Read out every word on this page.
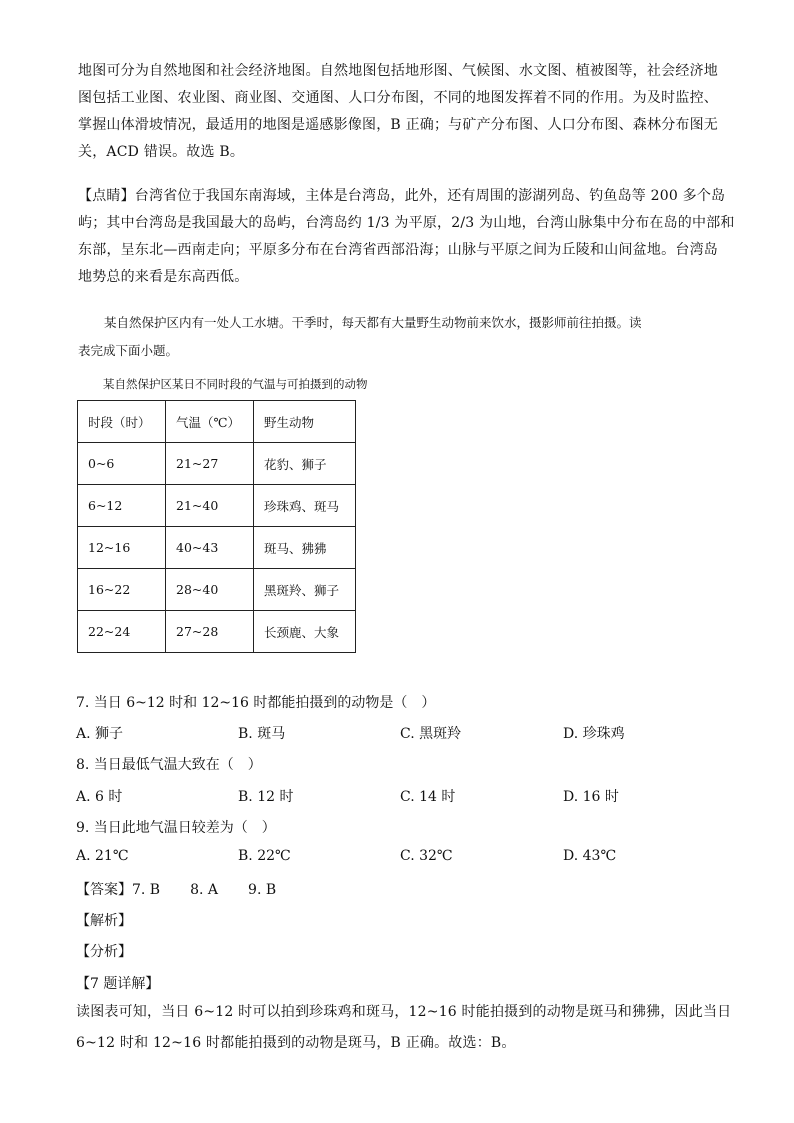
地图可分为自然地图和社会经济地图。自然地图包括地形图、气候图、水文图、植被图等，社会经济地
图包括工业图、农业图、商业图、交通图、人口分布图，不同的地图发挥着不同的作用。为及时监控、
掌握山体滑坡情况，最适用的地图是遥感影像图，B 正确；与矿产分布图、人口分布图、森林分布图无
关，ACD 错误。故选 B。
【点睛】台湾省位于我国东南海域，主体是台湾岛，此外，还有周围的澎湖列岛、钓鱼岛等 200 多个岛
屿；其中台湾岛是我国最大的岛屿，台湾岛约 1/3 为平原，2/3 为山地，台湾山脉集中分布在岛的中部和
东部，呈东北—西南走向；平原多分布在台湾省西部沿海；山脉与平原之间为丘陵和山间盆地。台湾岛
地势总的来看是东高西低。
某自然保护区内有一处人工水塘。干季时，每天都有大量野生动物前来饮水，摄影师前往拍摄。读
表完成下面小题。
某自然保护区某日不同时段的气温与可拍摄到的动物
时段（时）	气温（℃）	野生动物
0~6	21~27	花豹、狮子
6~12	21~40	珍珠鸡、斑马
12~16	40~43	斑马、狒狒
16~22	28~40	黑斑羚、狮子
22~24	27~28	长颈鹿、大象
7. 当日 6~12 时和 12~16 时都能拍摄到的动物是（　）
A. 狮子	B. 斑马	C. 黑斑羚	D. 珍珠鸡
8. 当日最低气温大致在（　）
A. 6 时	B. 12 时	C. 14 时	D. 16 时
9. 当日此地气温日较差为（　）
A. 21℃	B. 22℃	C. 32℃	D. 43℃
【答案】7. B 8. A 9. B
【解析】
【分析】
【7 题详解】
读图表可知，当日 6~12 时可以拍到珍珠鸡和斑马，12~16 时能拍摄到的动物是斑马和狒狒，因此当日
6~12 时和 12~16 时都能拍摄到的动物是斑马，B 正确。故选：B。
